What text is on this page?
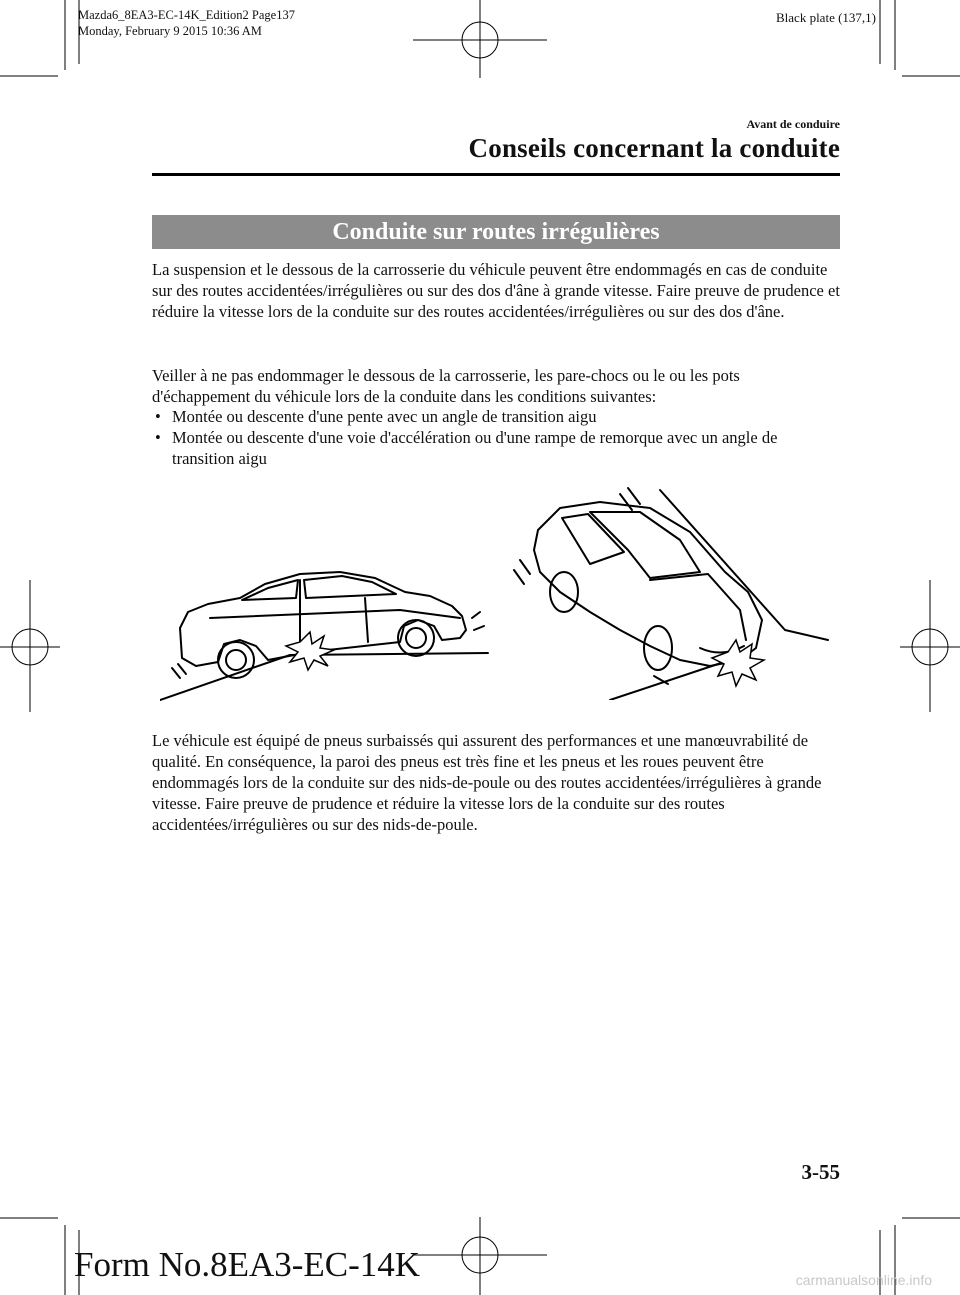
Mazda6_8EA3-EC-14K_Edition2 Page137
Monday, February 9 2015 10:36 AM
Black plate (137,1)
Avant de conduire
Conseils concernant la conduite
Conduite sur routes irrégulières
La suspension et le dessous de la carrosserie du véhicule peuvent être endommagés en cas de conduite sur des routes accidentées/irrégulières ou sur des dos d'âne à grande vitesse. Faire preuve de prudence et réduire la vitesse lors de la conduite sur des routes accidentées/irrégulières ou sur des dos d'âne.
Veiller à ne pas endommager le dessous de la carrosserie, les pare-chocs ou le ou les pots d'échappement du véhicule lors de la conduite dans les conditions suivantes:
• Montée ou descente d'une pente avec un angle de transition aigu
• Montée ou descente d'une voie d'accélération ou d'une rampe de remorque avec un angle de transition aigu
Le véhicule est équipé de pneus surbaissés qui assurent des performances et une manœuvrabilité de qualité. En conséquence, la paroi des pneus est très fine et les pneus et les roues peuvent être endommagés lors de la conduite sur des nids-de-poule ou des routes accidentées/irrégulières à grande vitesse. Faire preuve de prudence et réduire la vitesse lors de la conduite sur des routes accidentées/irrégulières ou sur des nids-de-poule.
3-55
Form No.8EA3-EC-14K	carmanualsonline.info
